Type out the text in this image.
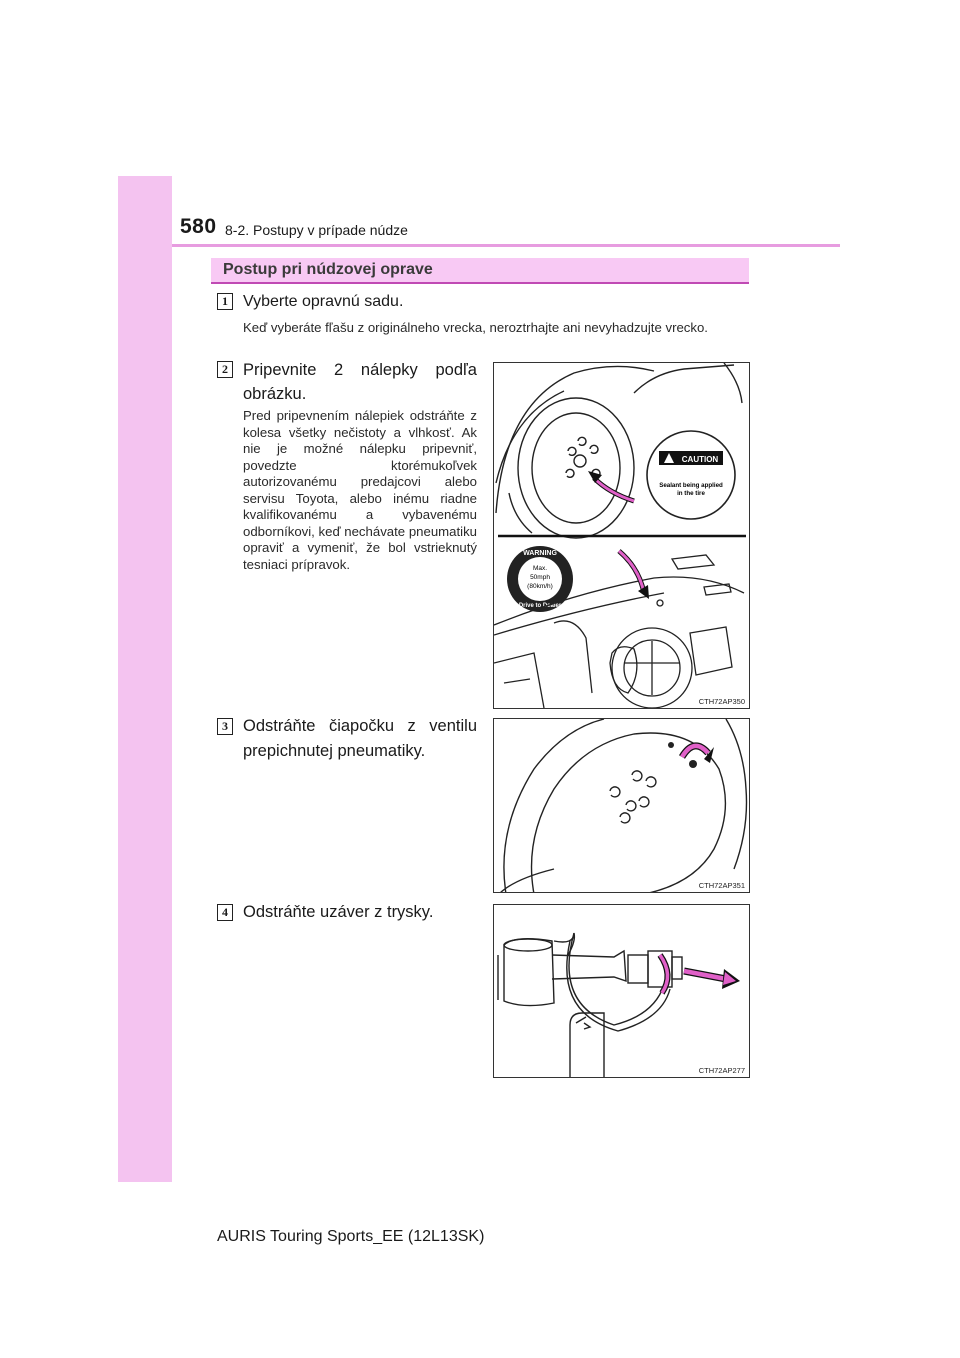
580 8-2. Postupy v prípade núdze
Postup pri núdzovej oprave
1 Vyberte opravnú sadu.
Keď vyberáte fľašu z originálneho vrecka, neroztrhajte ani nevyhadzujte vrecko.
2 Pripevnite 2 nálepky podľa obrázku.
Pred pripevnením nálepiek odstráňte z kolesa všetky nečistoty a vlhkosť. Ak nie je možné nálepku pripevniť, povedzte ktorémukoľvek autorizovanému predajcovi alebo servisu Toyota, alebo inému riadne kvalifikovanému a vybavenému odborníkovi, keď nechávate pneumatiku opraviť a vymeniť, že bol vstrieknutý tesniaci prípravok.
CAUTION
Sealant being applied
in the tire
WARNING
Max.
50mph
(80km/h)
Drive to Dealer
CTH72AP350
3 Odstráňte čiapočku z ventilu prepichnutej pneumatiky.
CTH72AP351
4 Odstráňte uzáver z trysky.
CTH72AP277
AURIS Touring Sports_EE (12L13SK)
